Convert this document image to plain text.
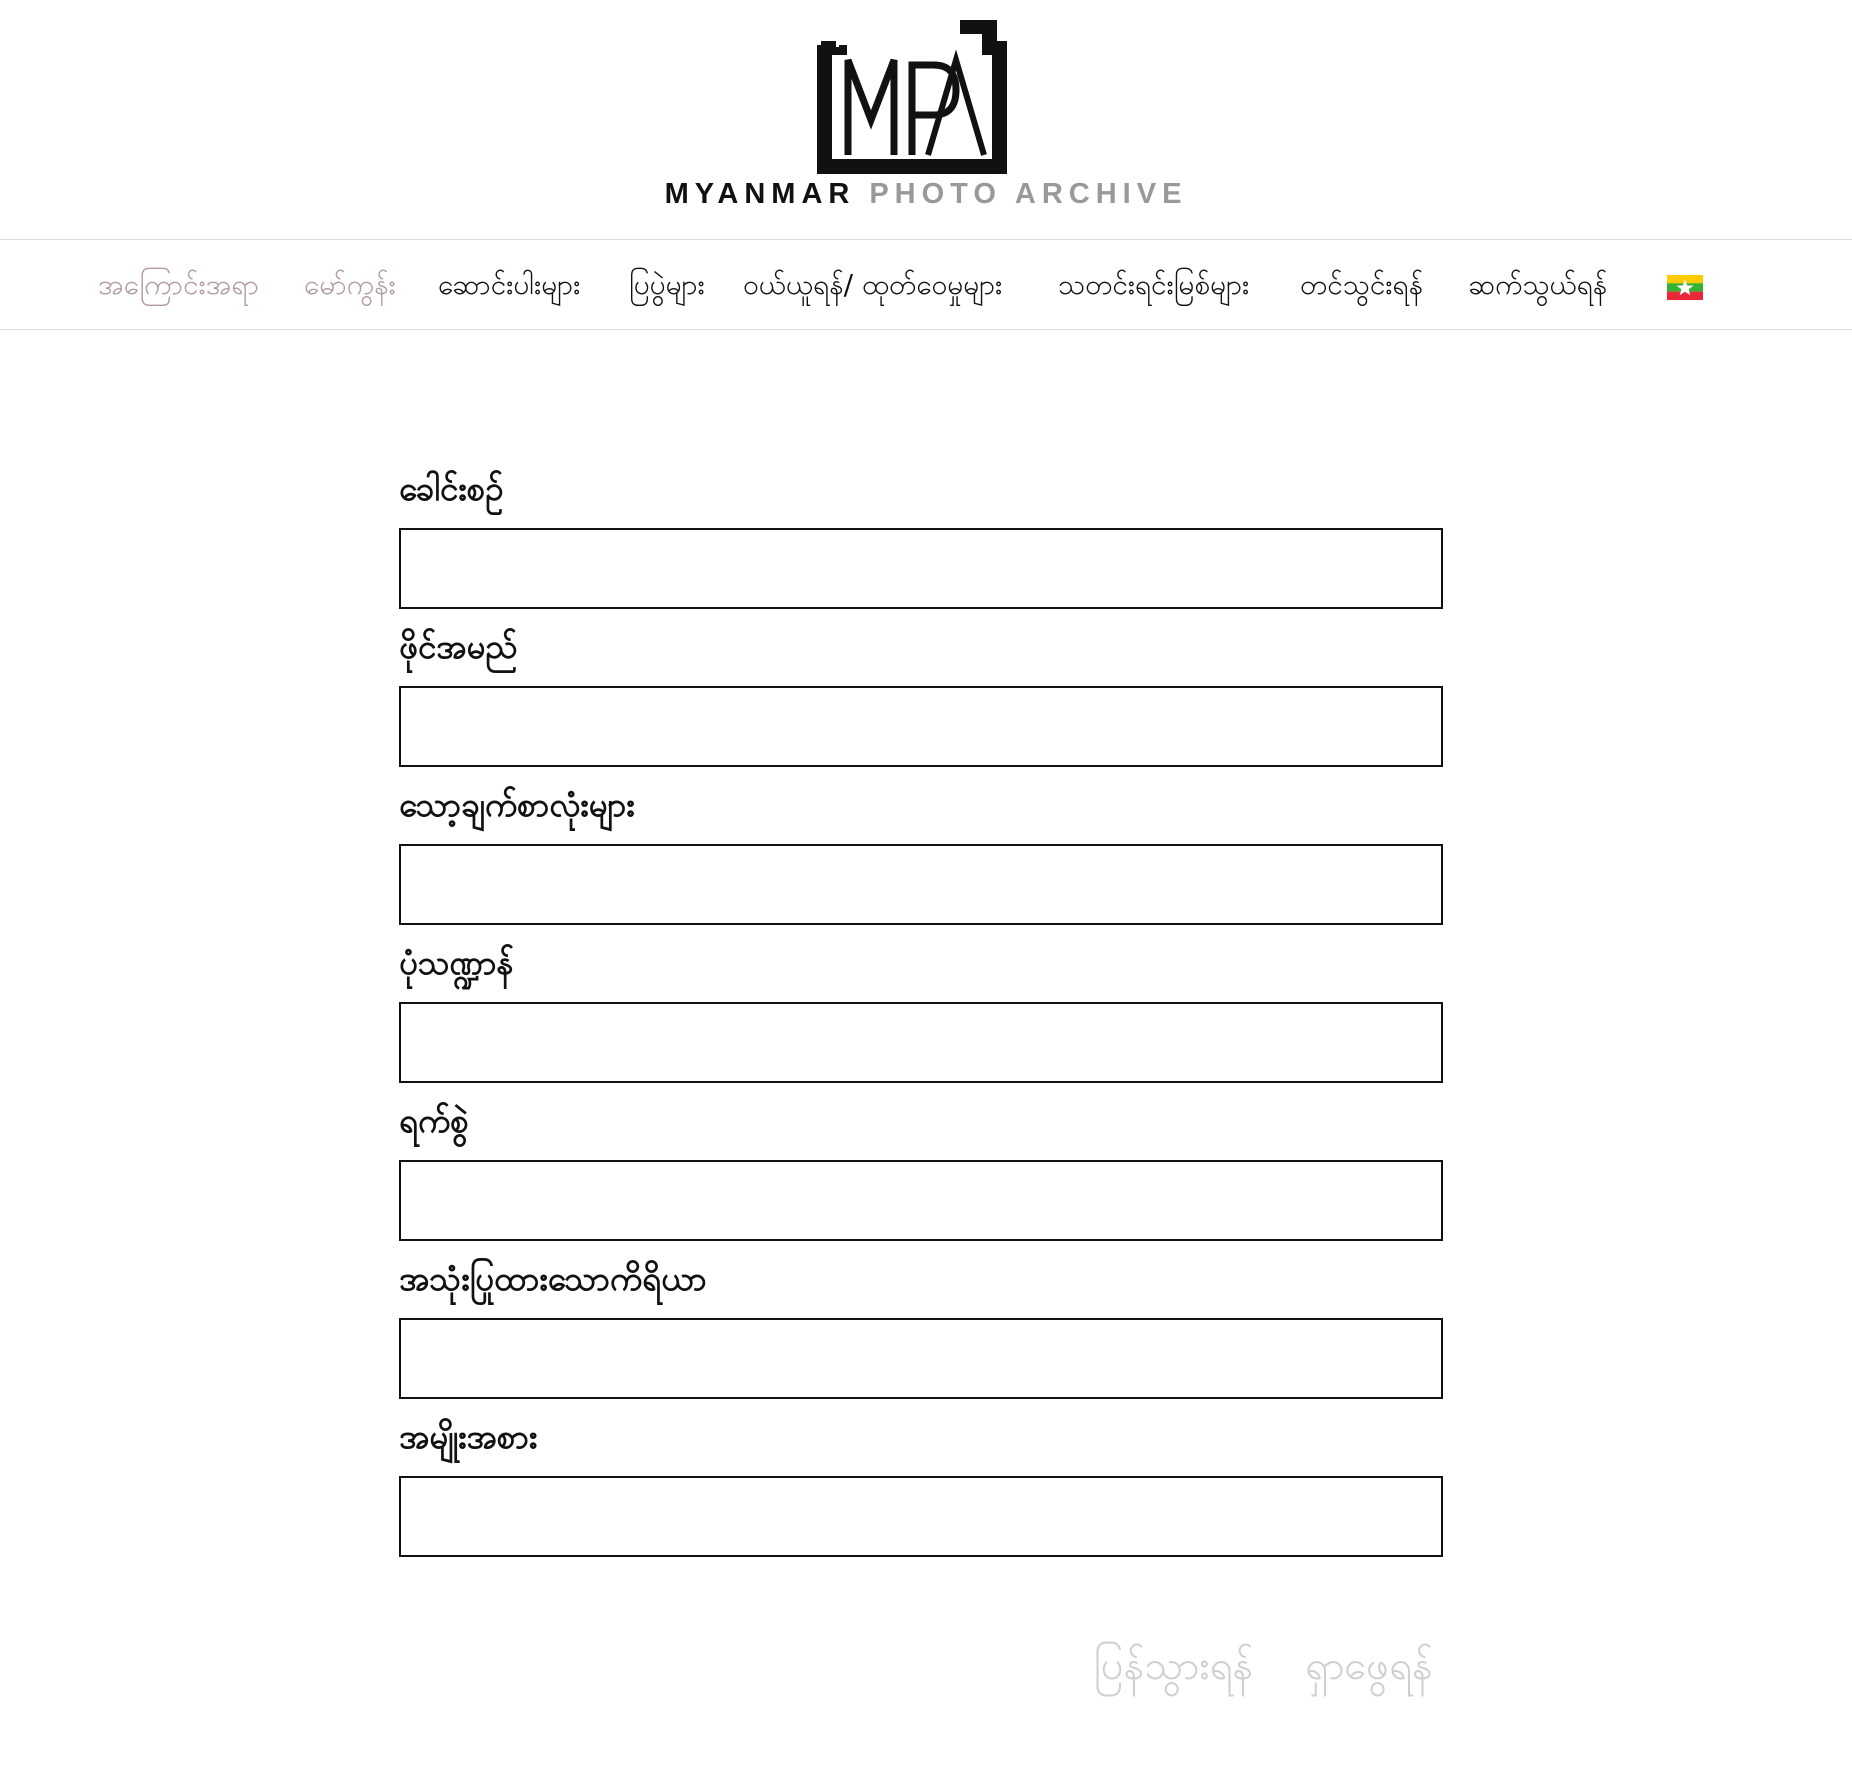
MYANMAR PHOTO ARCHIVE
အကြောင်းအရာ မော်ကွန်း ဆောင်းပါးများ ပြပွဲများ ဝယ်ယူရန်/ ထုတ်ဝေမှုများ သတင်းရင်းမြစ်များ တင်သွင်းရန် ဆက်သွယ်ရန်
ခေါင်းစဉ်
ဖိုင်အမည်
သော့ချက်စာလုံးများ
ပုံသဏ္ဍာန်
ရက်စွဲ
အသုံးပြုထားသောကိရိယာ
အမျိုးအစား
ပြန်သွားရန် ရှာဖွေရန်
